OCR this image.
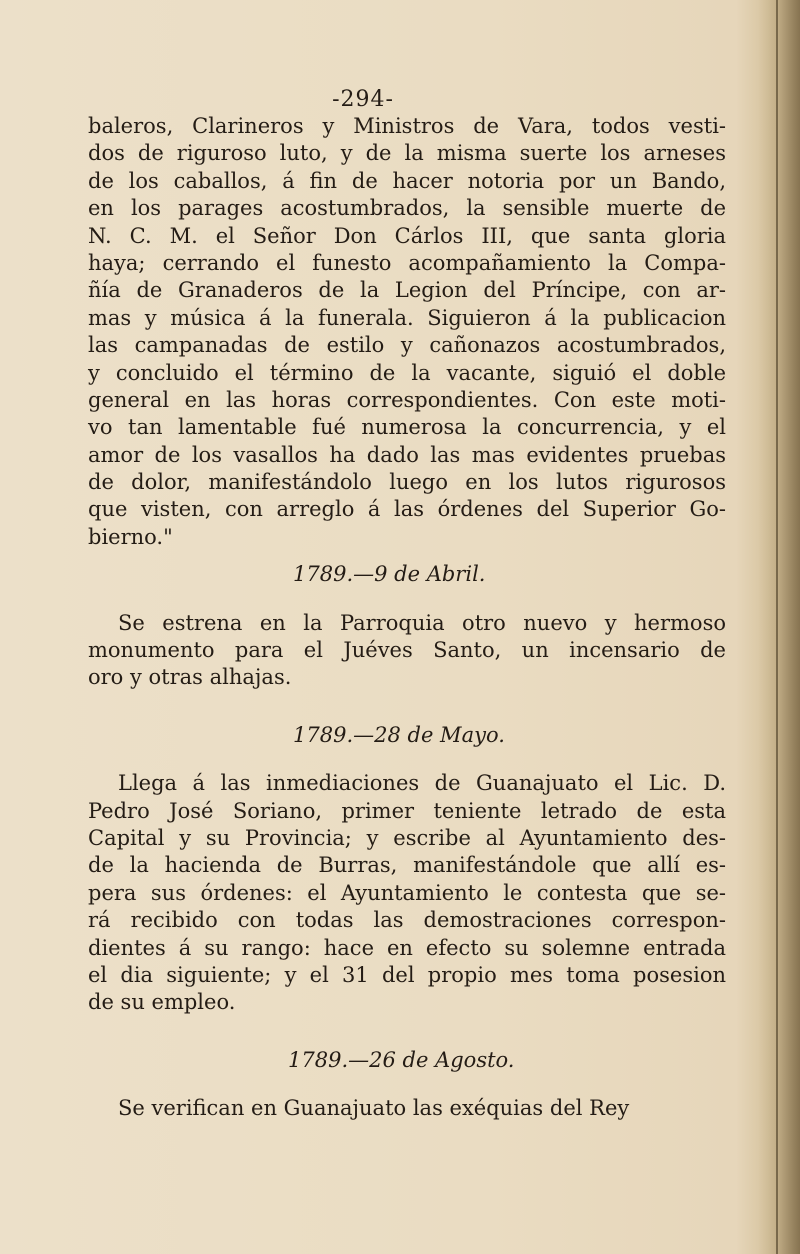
-294-
baleros, Clarineros y Ministros de Vara, todos vesti-
dos de riguroso luto, y de la misma suerte los arneses
de los caballos, á fin de hacer notoria por un Bando,
en los parages acostumbrados, la sensible muerte de
N. C. M. el Señor Don Cárlos III, que santa gloria
haya; cerrando el funesto acompañamiento la Compa-
ñía de Granaderos de la Legion del Príncipe, con ar-
mas y música á la funerala. Siguieron á la publicacion
las campanadas de estilo y cañonazos acostumbrados,
y concluido el término de la vacante, siguió el doble
general en las horas correspondientes. Con este moti-
vo tan lamentable fué numerosa la concurrencia, y el
amor de los vasallos ha dado las mas evidentes pruebas
de dolor, manifestándolo luego en los lutos rigurosos
que visten, con arreglo á las órdenes del Superior Go-
bierno."
1789.—9 de Abril.
Se estrena en la Parroquia otro nuevo y hermoso
monumento para el Juéves Santo, un incensario de
oro y otras alhajas.
1789.—28 de Mayo.
Llega á las inmediaciones de Guanajuato el Lic. D.
Pedro José Soriano, primer teniente letrado de esta
Capital y su Provincia; y escribe al Ayuntamiento des-
de la hacienda de Burras, manifestándole que allí es-
pera sus órdenes: el Ayuntamiento le contesta que se-
rá recibido con todas las demostraciones correspon-
dientes á su rango: hace en efecto su solemne entrada
el dia siguiente; y el 31 del propio mes toma posesion
de su empleo.
1789.—26 de Agosto.
Se verifican en Guanajuato las exéquias del Rey
